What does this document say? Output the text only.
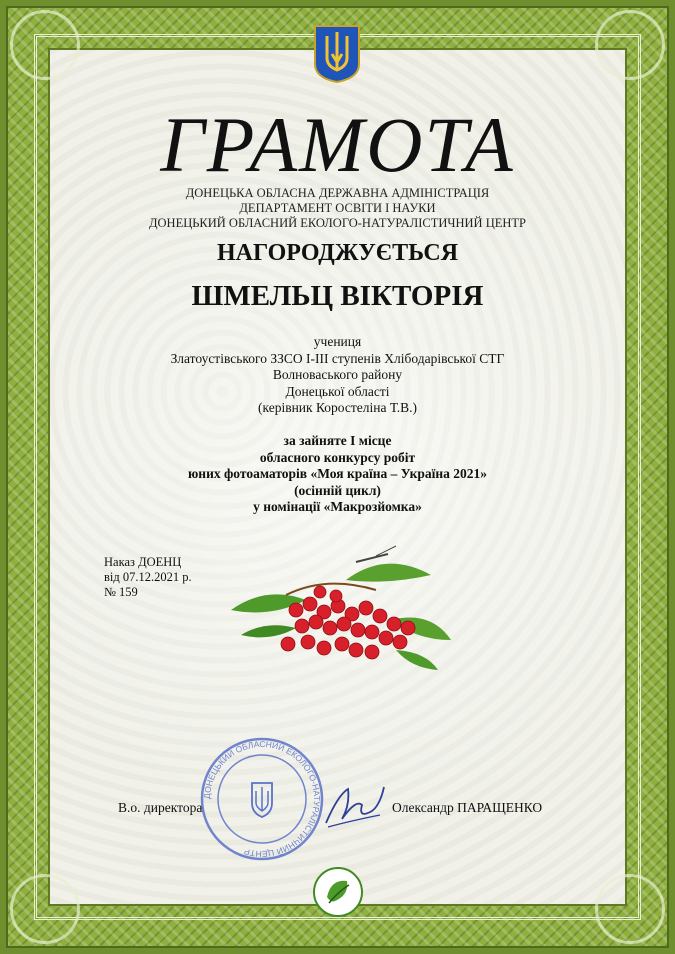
ГРАМОТА
ДОНЕЦЬКА ОБЛАСНА ДЕРЖАВНА АДМІНІСТРАЦІЯ
ДЕПАРТАМЕНТ ОСВІТИ І НАУКИ
ДОНЕЦЬКИЙ ОБЛАСНИЙ ЕКОЛОГО-НАТУРАЛІСТИЧНИЙ ЦЕНТР
НАГОРОДЖУЄТЬСЯ
ШМЕЛЬЦ ВІКТОРІЯ
учениця
Златоустівського ЗЗСО І-ІІІ ступенів Хлібодарівської СТГ
Волноваського району
Донецької області
(керівник Коростеліна Т.В.)
за зайняте І місце
обласного конкурсу робіт
юних фотоаматорів «Моя країна – Україна 2021»
(осінній цикл)
у номінації «Макрозйомка»
Наказ ДОЕНЦ
від 07.12.2021 р.
№ 159
ДОНЕЦЬКИЙ ОБЛАСНИЙ ЕКОЛОГО-НАТУРАЛІСТИЧНИЙ ЦЕНТР
В.о. директора	Олександр ПАРАЩЕНКО
